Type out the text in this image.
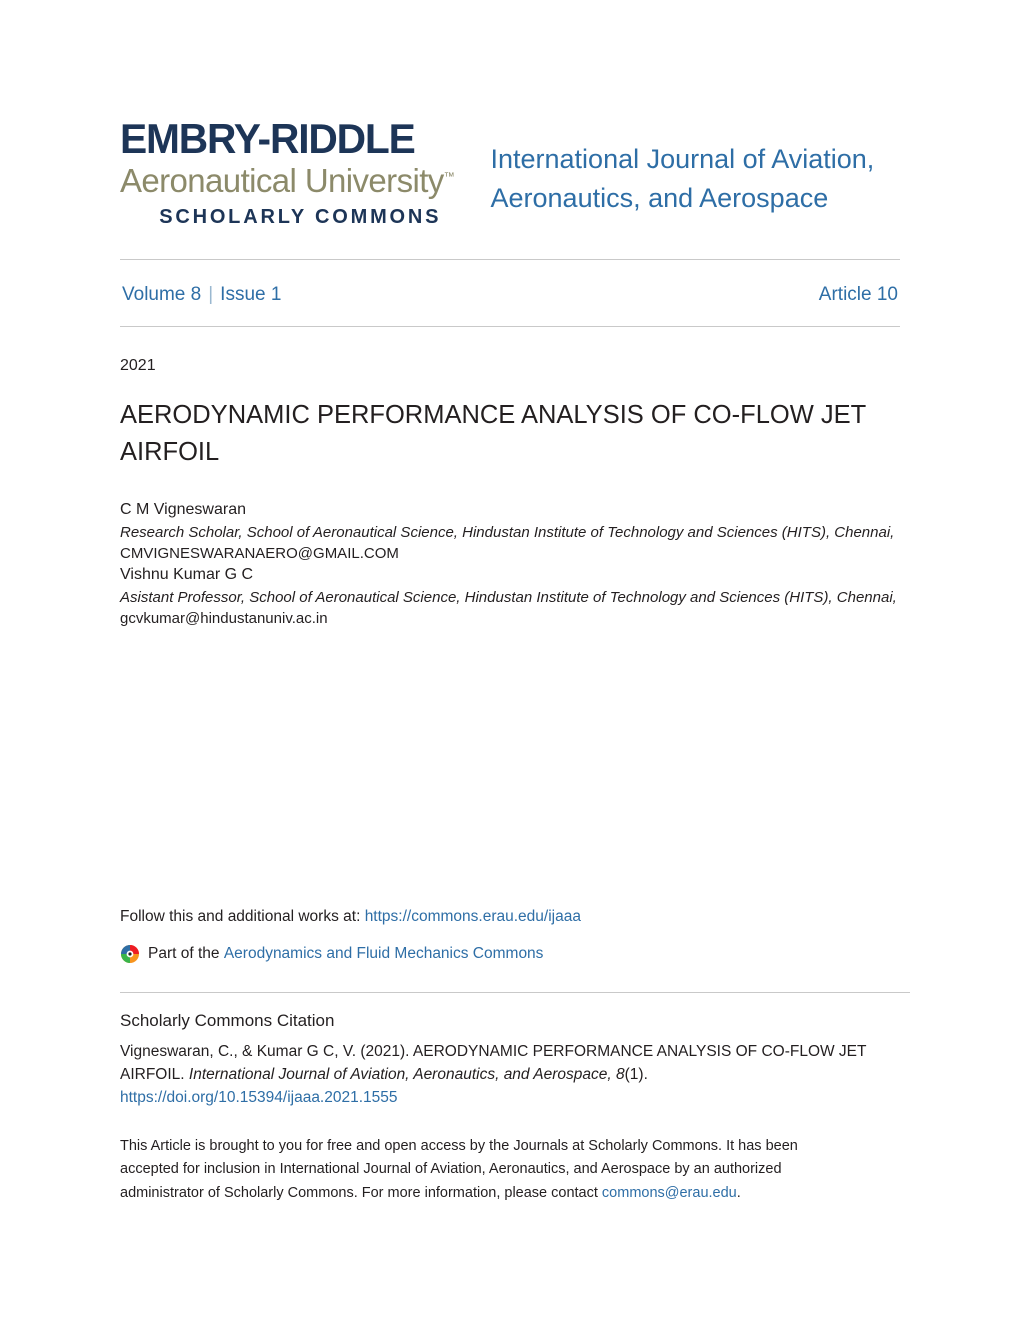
EMBRY-RIDDLE
Aeronautical University™
SCHOLARLY COMMONS
International Journal of Aviation,
Aeronautics, and Aerospace
Volume 8 | Issue 1	Article 10
2021
AERODYNAMIC PERFORMANCE ANALYSIS OF CO-FLOW JET AIRFOIL
C M Vigneswaran
Research Scholar, School of Aeronautical Science, Hindustan Institute of Technology and Sciences (HITS), Chennai, CMVIGNESWARANAERO@GMAIL.COM
Vishnu Kumar G C
Asistant Professor, School of Aeronautical Science, Hindustan Institute of Technology and Sciences (HITS), Chennai, gcvkumar@hindustanuniv.ac.in
Follow this and additional works at: https://commons.erau.edu/ijaaa
Part of the
Aerodynamics and Fluid Mechanics Commons
Scholarly Commons Citation
Vigneswaran, C., & Kumar G C, V. (2021). AERODYNAMIC PERFORMANCE ANALYSIS OF CO-FLOW JET AIRFOIL. International Journal of Aviation, Aeronautics, and Aerospace, 8(1). https://doi.org/10.15394/ijaaa.2021.1555
This Article is brought to you for free and open access by the Journals at Scholarly Commons. It has been accepted for inclusion in International Journal of Aviation, Aeronautics, and Aerospace by an authorized administrator of Scholarly Commons. For more information, please contact commons@erau.edu.
